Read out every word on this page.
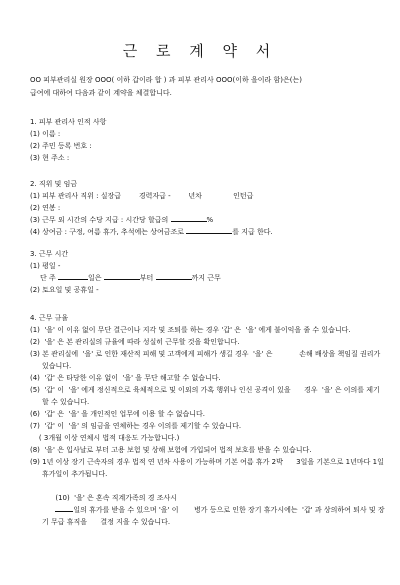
근 로 계 약 서
OO 피부관리실 원장 OOO( 이하 갑이라 합 ) 과 피부 관리사 OOO(이하 을이라 함)은(는)
급여에 대하여 다음과 같이 계약을 체결합니다.
1. 피부 관리사 인적 사항
(1) 이름 :
(2) 주민 등록 번호 :
(3) 현 주소 :
2. 직위 및 임금
(1) 피부 관리사 직위 : 실장급        경력자급 -        년차              인턴급
(2) 연봉 :
(3) 근무 외 시간의 수당 지급 : 시간당 할급의	%
(4) 상여금 : 구정, 여름 휴가, 추석에는 상여금조로	를 지급 한다.
3. 근무 시간
(1) 평일 -
단 주	일은	부터	까지 근무
(2) 토요일 및 공휴일 -
4. 근무 규율
(1)  '을' 이 이유 없이 무단 결근이나 지각 및 조퇴를 하는 경우 '갑' 은  '을' 에게 불이익을 줄 수 있습니다.
(2)  '을' 은 본 관리실의 규율에 따라 성실히 근무할 것을 확인합니다.
(3) 본 관리실에  '을' 로 인한 재산적 피해 및 고객에게 피해가 생길 경우  '을' 은            손해 배상을 책임질 권리가 있습니다.
(4)  '갑' 은 타당한 이유 없이  '을' 을 무단 해고할 수 없습니다.
(5)  '갑' 이  '을' 에게 정신적으로 육체적으로 및 이외의 가혹 행위나 인신 공격이 있을      경우  '을' 은 이의를 제기할 수 있습니다.
(6)  '갑' 은  '을' 을 개인적인 업무에 이용 할 수 없습니다.
(7)  '갑' 이  '을' 의 임금을 연체하는 경우 이의를 제기할 수 있습니다.
( 3개월 이상 연체시 법적 대응도 가능합니다.)
(8)  '을' 은 입사날로 부터 고용 보험 및 상해 보험에 가입되어 법적 보호를 받을 수 있습니다.
(9) 1년 이상 장기 근속자의 경우 법적 연 년차 사용이 가능하며 기본 여름 휴가 2박      3일을 기본으로 1년마다 1일 휴가일이 추가됩니다.

(10)  '을' 은 혼속 직계가족의 경 조사시
일의 휴가를 받을 수 있으며 '을' 이       병가 등으로 인한 장기 휴가시에는  '갑' 과 상의하여 퇴사 및 장기 무급 휴직을      결정 지을 수 있습니다.
